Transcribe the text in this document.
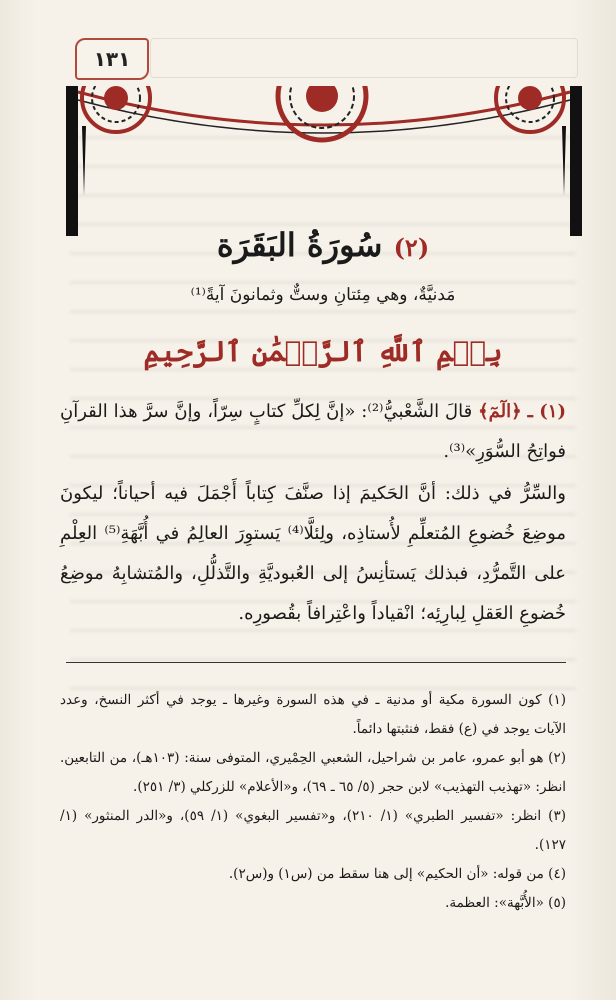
١٣١
(٢) سُورَةُ البَقَرَة
مَدنيَّةٌ، وهي مِئتانِ وستٌّ وثمانونَ آيةً⁽¹⁾
بِسۡمِ ٱللَّهِ ٱلرَّحۡمَٰنِ ٱلرَّحِيمِ

(١) ـ ﴿الٓمٓ﴾ قالَ الشَّعْبيُّ⁽²⁾: «إنَّ لِكلِّ كتابٍ سِرّاً، وإنَّ سرَّ هذا القرآنِ فواتِحُ السُّوَرِ»⁽³⁾.

والسِّرُّ في ذلك: أنَّ الحَكيمَ إذا صنَّفَ كِتاباً أَجْمَلَ فيه أحياناً؛ ليكونَ موضِعَ خُضوعِ المُتعلِّمِ لأُستاذِه، ولِئلَّا⁽⁴⁾ يَستوِرَ العالِمُ في أُبَّهَةِ⁽⁵⁾ العِلْمِ على التَّمرُّدِ، فبذلك يَستأنِسُ إلى العُبوديَّةِ والتَّذلُّلِ، والمُتشابِهُ موضِعُ خُضوعِ العَقلِ لِبارِئِه؛ انْقياداً واعْتِرافاً بقُصورِه.

(١) كون السورة مكية أو مدنية ـ في هذه السورة وغيرها ـ يوجد في أكثر النسخ، وعدد الآيات يوجد في (ع) فقط، فنثبتها دائماً.

(٢) هو أبو عمرو، عامر بن شراحيل، الشعبي الحِمْيري، المتوفى سنة: (١٠٣هـ)، من التابعين. انظر: «تهذيب التهذيب» لابن حجر (٥/ ٦٥ ـ ٦٩)، و«الأعلام» للزركلي (٣/ ٢٥١).

(٣) انظر: «تفسير الطبري» (١/ ٢١٠)، و«تفسير البغوي» (١/ ٥٩)، و«الدر المنثور» (١/ ١٢٧).

(٤) من قوله: «أن الحكيم» إلى هنا سقط من (س١) و(س٢).

(٥) «الأُبَّهة»: العظمة.
